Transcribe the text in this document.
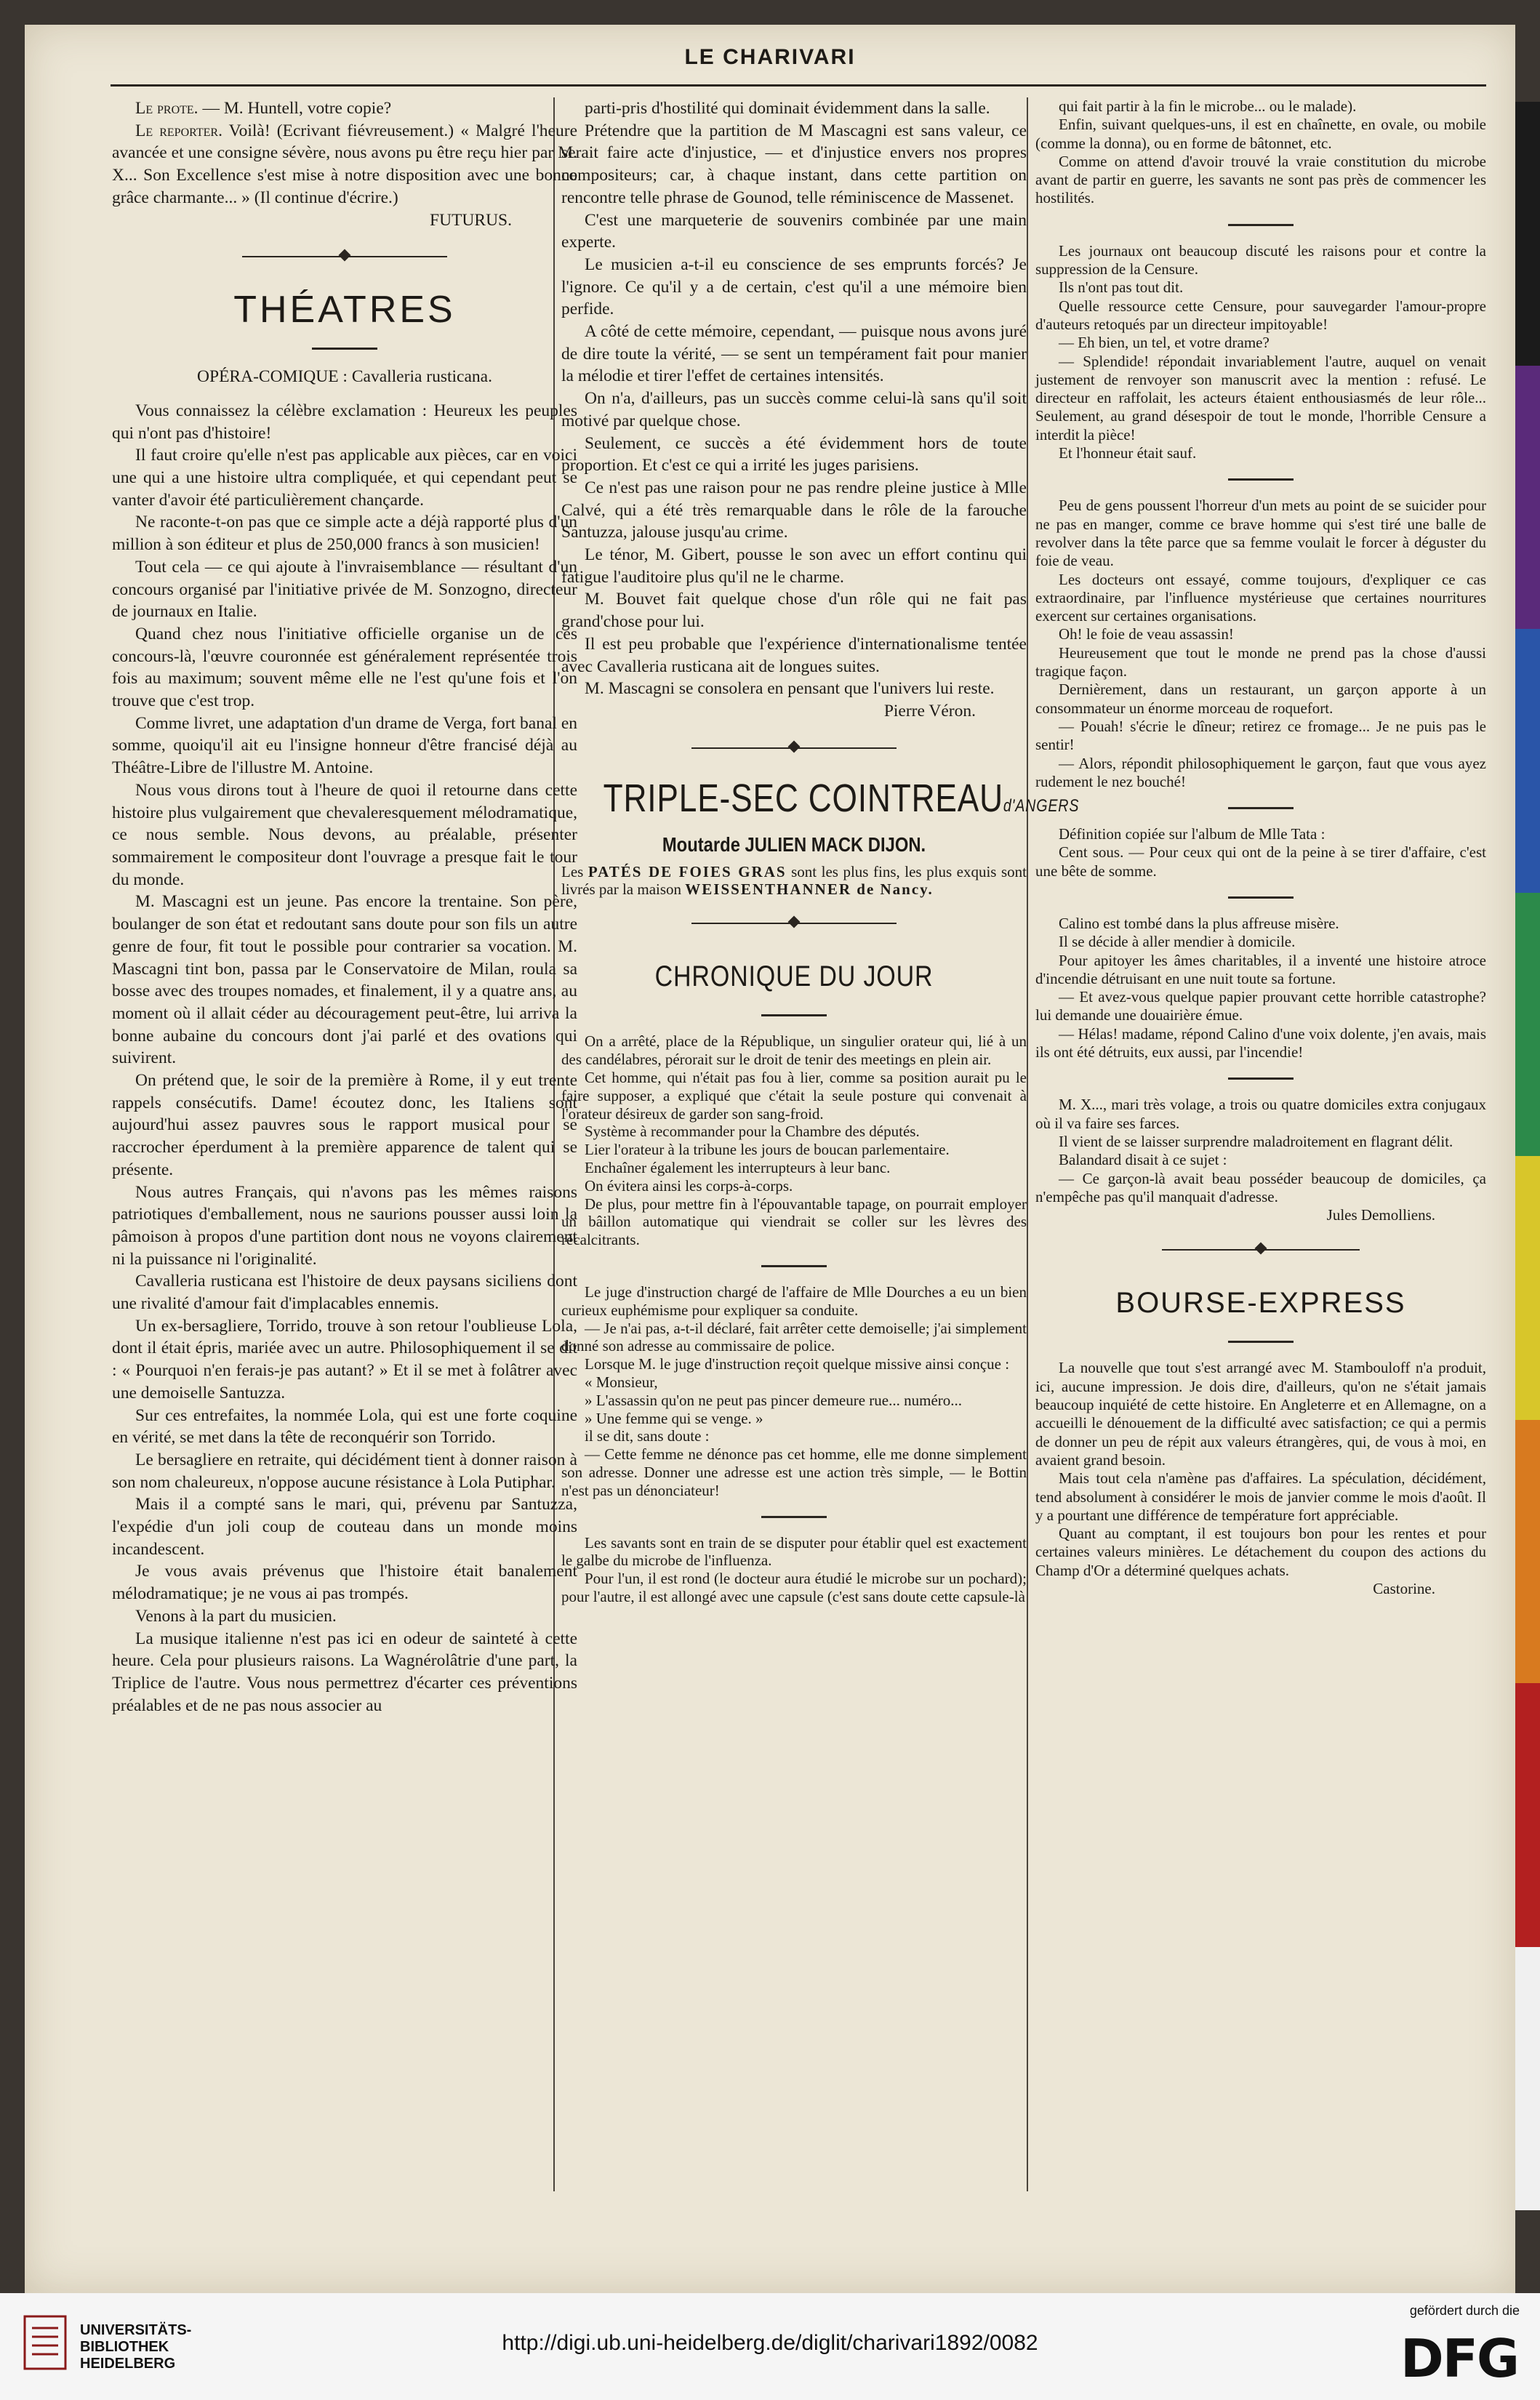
LE CHARIVARI

Le prote. — M. Huntell, votre copie?

Le reporter. Voilà! (Ecrivant fiévreusement.) « Malgré l'heure avancée et une consigne sévère, nous avons pu être reçu hier par M. X... Son Excellence s'est mise à notre disposition avec une bonne grâce charmante... » (Il continue d'écrire.)

FUTURUS.

THÉATRES
OPÉRA-COMIQUE : Cavalleria rusticana.

Vous connaissez la célèbre exclamation : Heureux les peuples qui n'ont pas d'histoire!

Il faut croire qu'elle n'est pas applicable aux pièces, car en voici une qui a une histoire ultra compliquée, et qui cependant peut se vanter d'avoir été particulièrement chançarde.

Ne raconte-t-on pas que ce simple acte a déjà rapporté plus d'un million à son éditeur et plus de 250,000 francs à son musicien!

Tout cela — ce qui ajoute à l'invraisemblance — résultant d'un concours organisé par l'initiative privée de M. Sonzogno, directeur de journaux en Italie.

Quand chez nous l'initiative officielle organise un de ces concours-là, l'œuvre couronnée est généralement représentée trois fois au maximum; souvent même elle ne l'est qu'une fois et l'on trouve que c'est trop.

Comme livret, une adaptation d'un drame de Verga, fort banal en somme, quoiqu'il ait eu l'insigne honneur d'être francisé déjà au Théâtre-Libre de l'illustre M. Antoine.

Nous vous dirons tout à l'heure de quoi il retourne dans cette histoire plus vulgairement que chevaleresquement mélodramatique, ce nous semble. Nous devons, au préalable, présenter sommairement le compositeur dont l'ouvrage a presque fait le tour du monde.

M. Mascagni est un jeune. Pas encore la trentaine. Son père, boulanger de son état et redoutant sans doute pour son fils un autre genre de four, fit tout le possible pour contrarier sa vocation. M. Mascagni tint bon, passa par le Conservatoire de Milan, roula sa bosse avec des troupes nomades, et finalement, il y a quatre ans, au moment où il allait céder au découragement peut-être, lui arriva la bonne aubaine du concours dont j'ai parlé et des ovations qui suivirent.

On prétend que, le soir de la première à Rome, il y eut trente rappels consécutifs. Dame! écoutez donc, les Italiens sont aujourd'hui assez pauvres sous le rapport musical pour se raccrocher éperdument à la première apparence de talent qui se présente.

Nous autres Français, qui n'avons pas les mêmes raisons patriotiques d'emballement, nous ne saurions pousser aussi loin la pâmoison à propos d'une partition dont nous ne voyons clairement ni la puissance ni l'originalité.

Cavalleria rusticana est l'histoire de deux paysans siciliens dont une rivalité d'amour fait d'implacables ennemis.

Un ex-bersagliere, Torrido, trouve à son retour l'oublieuse Lola, dont il était épris, mariée avec un autre. Philosophiquement il se dit : « Pourquoi n'en ferais-je pas autant? » Et il se met à folâtrer avec une demoiselle Santuzza.

Sur ces entrefaites, la nommée Lola, qui est une forte coquine en vérité, se met dans la tête de reconquérir son Torrido.

Le bersagliere en retraite, qui décidément tient à donner raison à son nom chaleureux, n'oppose aucune résistance à Lola Putiphar.

Mais il a compté sans le mari, qui, prévenu par Santuzza, l'expédie d'un joli coup de couteau dans un monde moins incandescent.

Je vous avais prévenus que l'histoire était banalement mélodramatique; je ne vous ai pas trompés.

Venons à la part du musicien.

La musique italienne n'est pas ici en odeur de sainteté à cette heure. Cela pour plusieurs raisons. La Wagnérolâtrie d'une part, la Triplice de l'autre. Vous nous permettrez d'écarter ces préventions préalables et de ne pas nous associer au

parti-pris d'hostilité qui dominait évidemment dans la salle.

Prétendre que la partition de M Mascagni est sans valeur, ce serait faire acte d'injustice, — et d'injustice envers nos propres compositeurs; car, à chaque instant, dans cette partition on rencontre telle phrase de Gounod, telle réminiscence de Massenet.

C'est une marqueterie de souvenirs combinée par une main experte.

Le musicien a-t-il eu conscience de ses emprunts forcés? Je l'ignore. Ce qu'il y a de certain, c'est qu'il a une mémoire bien perfide.

A côté de cette mémoire, cependant, — puisque nous avons juré de dire toute la vérité, — se sent un tempérament fait pour manier la mélodie et tirer l'effet de certaines intensités.

On n'a, d'ailleurs, pas un succès comme celui-là sans qu'il soit motivé par quelque chose.

Seulement, ce succès a été évidemment hors de toute proportion. Et c'est ce qui a irrité les juges parisiens.

Ce n'est pas une raison pour ne pas rendre pleine justice à Mlle Calvé, qui a été très remarquable dans le rôle de la farouche Santuzza, jalouse jusqu'au crime.

Le ténor, M. Gibert, pousse le son avec un effort continu qui fatigue l'auditoire plus qu'il ne le charme.

M. Bouvet fait quelque chose d'un rôle qui ne fait pas grand'chose pour lui.

Il est peu probable que l'expérience d'internationalisme tentée avec Cavalleria rusticana ait de longues suites.

M. Mascagni se consolera en pensant que l'univers lui reste.

Pierre Véron.

TRIPLE-SEC COINTREAUd'ANGERS
Moutarde JULIEN MACK DIJON.
Les PATÉS DE FOIES GRAS sont les plus fins, les plus exquis sont livrés par la maison WEISSENTHANNER de Nancy.
CHRONIQUE DU JOUR

On a arrêté, place de la République, un singulier orateur qui, lié à un des candélabres, pérorait sur le droit de tenir des meetings en plein air.

Cet homme, qui n'était pas fou à lier, comme sa position aurait pu le faire supposer, a expliqué que c'était la seule posture qui convenait à l'orateur désireux de garder son sang-froid.

Système à recommander pour la Chambre des députés.

Lier l'orateur à la tribune les jours de boucan parlementaire.

Enchaîner également les interrupteurs à leur banc.

On évitera ainsi les corps-à-corps.

De plus, pour mettre fin à l'épouvantable tapage, on pourrait employer un bâillon automatique qui viendrait se coller sur les lèvres des récalcitrants.

Le juge d'instruction chargé de l'affaire de Mlle Dourches a eu un bien curieux euphémisme pour expliquer sa conduite.

— Je n'ai pas, a-t-il déclaré, fait arrêter cette demoiselle; j'ai simplement donné son adresse au commissaire de police.

Lorsque M. le juge d'instruction reçoit quelque missive ainsi conçue :

« Monsieur,

» L'assassin qu'on ne peut pas pincer demeure rue... numéro...

» Une femme qui se venge. »

il se dit, sans doute :

— Cette femme ne dénonce pas cet homme, elle me donne simplement son adresse. Donner une adresse est une action très simple, — le Bottin n'est pas un dénonciateur!

Les savants sont en train de se disputer pour établir quel est exactement le galbe du microbe de l'influenza.

Pour l'un, il est rond (le docteur aura étudié le microbe sur un pochard); pour l'autre, il est allongé avec une capsule (c'est sans doute cette capsule-là

qui fait partir à la fin le microbe... ou le malade).

Enfin, suivant quelques-uns, il est en chaînette, en ovale, ou mobile (comme la donna), ou en forme de bâtonnet, etc.

Comme on attend d'avoir trouvé la vraie constitution du microbe avant de partir en guerre, les savants ne sont pas près de commencer les hostilités.

Les journaux ont beaucoup discuté les raisons pour et contre la suppression de la Censure.

Ils n'ont pas tout dit.

Quelle ressource cette Censure, pour sauvegarder l'amour-propre d'auteurs retoqués par un directeur impitoyable!

— Eh bien, un tel, et votre drame?

— Splendide! répondait invariablement l'autre, auquel on venait justement de renvoyer son manuscrit avec la mention : refusé. Le directeur en raffolait, les acteurs étaient enthousiasmés de leur rôle... Seulement, au grand désespoir de tout le monde, l'horrible Censure a interdit la pièce!

Et l'honneur était sauf.

Peu de gens poussent l'horreur d'un mets au point de se suicider pour ne pas en manger, comme ce brave homme qui s'est tiré une balle de revolver dans la tête parce que sa femme voulait le forcer à déguster du foie de veau.

Les docteurs ont essayé, comme toujours, d'expliquer ce cas extraordinaire, par l'influence mystérieuse que certaines nourritures exercent sur certaines organisations.

Oh! le foie de veau assassin!

Heureusement que tout le monde ne prend pas la chose d'aussi tragique façon.

Dernièrement, dans un restaurant, un garçon apporte à un consommateur un énorme morceau de roquefort.

— Pouah! s'écrie le dîneur; retirez ce fromage... Je ne puis pas le sentir!

— Alors, répondit philosophiquement le garçon, faut que vous ayez rudement le nez bouché!

Définition copiée sur l'album de Mlle Tata :

Cent sous. — Pour ceux qui ont de la peine à se tirer d'affaire, c'est une bête de somme.

Calino est tombé dans la plus affreuse misère.

Il se décide à aller mendier à domicile.

Pour apitoyer les âmes charitables, il a inventé une histoire atroce d'incendie détruisant en une nuit toute sa fortune.

— Et avez-vous quelque papier prouvant cette horrible catastrophe? lui demande une douairière émue.

— Hélas! madame, répond Calino d'une voix dolente, j'en avais, mais ils ont été détruits, eux aussi, par l'incendie!

M. X..., mari très volage, a trois ou quatre domiciles extra conjugaux où il va faire ses farces.

Il vient de se laisser surprendre maladroitement en flagrant délit.

Balandard disait à ce sujet :

— Ce garçon-là avait beau posséder beaucoup de domiciles, ça n'empêche pas qu'il manquait d'adresse.

Jules Demolliens.

BOURSE-EXPRESS

La nouvelle que tout s'est arrangé avec M. Stambouloff n'a produit, ici, aucune impression. Je dois dire, d'ailleurs, qu'on ne s'était jamais beaucoup inquiété de cette histoire. En Angleterre et en Allemagne, on a accueilli le dénouement de la difficulté avec satisfaction; ce qui a permis de donner un peu de répit aux valeurs étrangères, qui, de vous à moi, en avaient grand besoin.

Mais tout cela n'amène pas d'affaires. La spéculation, décidément, tend absolument à considérer le mois de janvier comme le mois d'août. Il y a pourtant une différence de température fort appréciable.

Quant au comptant, il est toujours bon pour les rentes et pour certaines valeurs minières. Le détachement du coupon des actions du Champ d'Or a déterminé quelques achats.

Castorine.

UNIVERSITÄTS-
BIBLIOTHEK
HEIDELBERG
http://digi.ub.uni-heidelberg.de/diglit/charivari1892/0082
gefördert durch die
DFG
